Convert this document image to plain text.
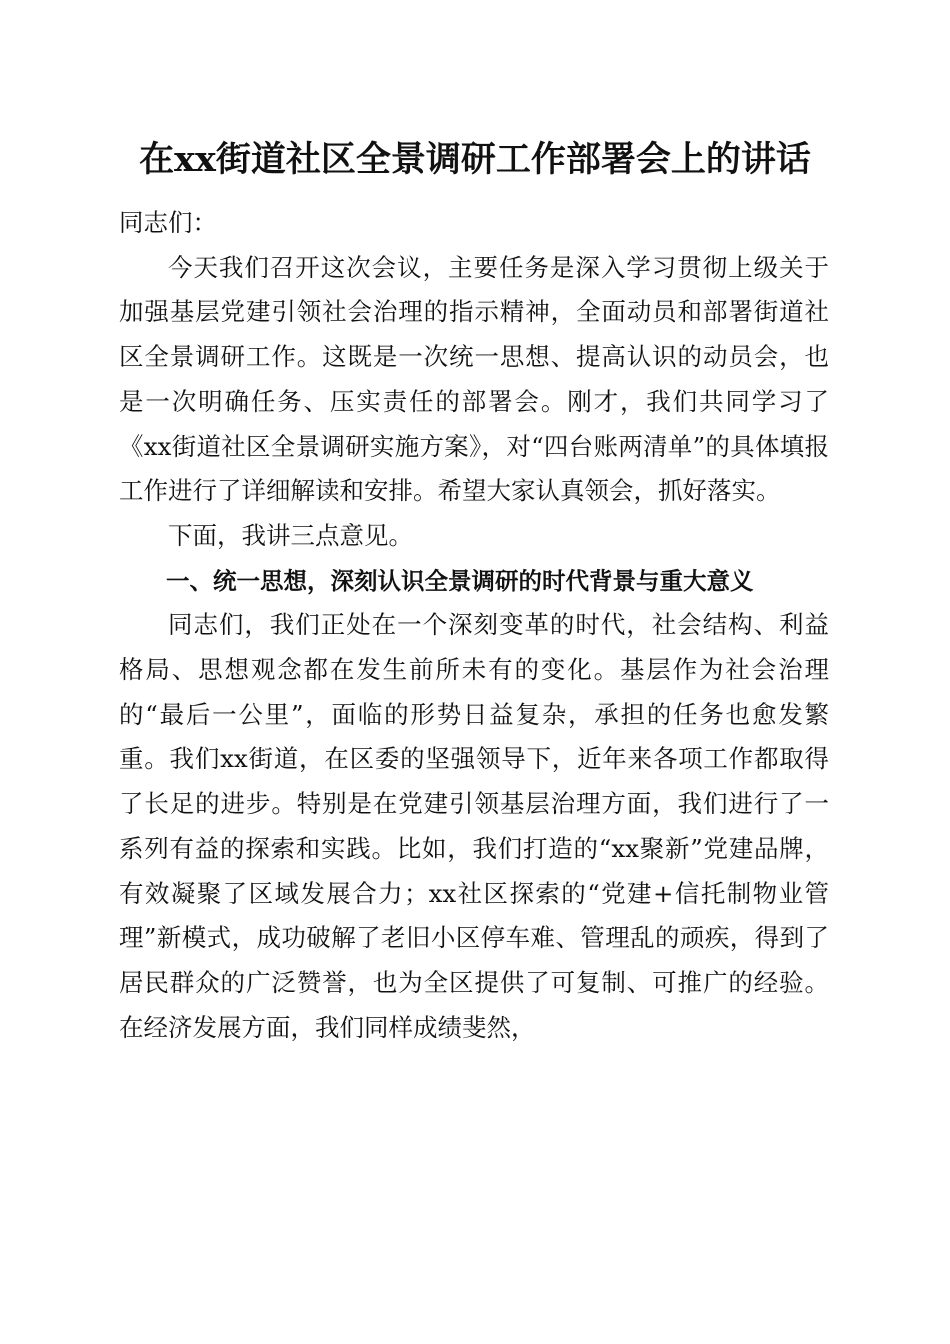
在xx街道社区全景调研工作部署会上的讲话

同志们：

今天我们召开这次会议，主要任务是深入学习贯彻上级关于加强基层党建引领社会治理的指示精神，全面动员和部署街道社区全景调研工作。这既是一次统一思想、提高认识的动员会，也是一次明确任务、压实责任的部署会。刚才，我们共同学习了《xx街道社区全景调研实施方案》，对“四台账两清单”的具体填报工作进行了详细解读和安排。希望大家认真领会，抓好落实。

下面，我讲三点意见。

一、统一思想，深刻认识全景调研的时代背景与重大意义

同志们，我们正处在一个深刻变革的时代，社会结构、利益格局、思想观念都在发生前所未有的变化。基层作为社会治理的“最后一公里”，面临的形势日益复杂，承担的任务也愈发繁重。我们xx街道，在区委的坚强领导下，近年来各项工作都取得了长足的进步。特别是在党建引领基层治理方面，我们进行了一系列有益的探索和实践。比如，我们打造的“xx聚新”党建品牌，有效凝聚了区域发展合力；xx社区探索的“党建+信托制物业管理”新模式，成功破解了老旧小区停车难、管理乱的顽疾，得到了居民群众的广泛赞誉，也为全区提供了可复制、可推广的经验。在经济发展方面，我们同样成绩斐然，
